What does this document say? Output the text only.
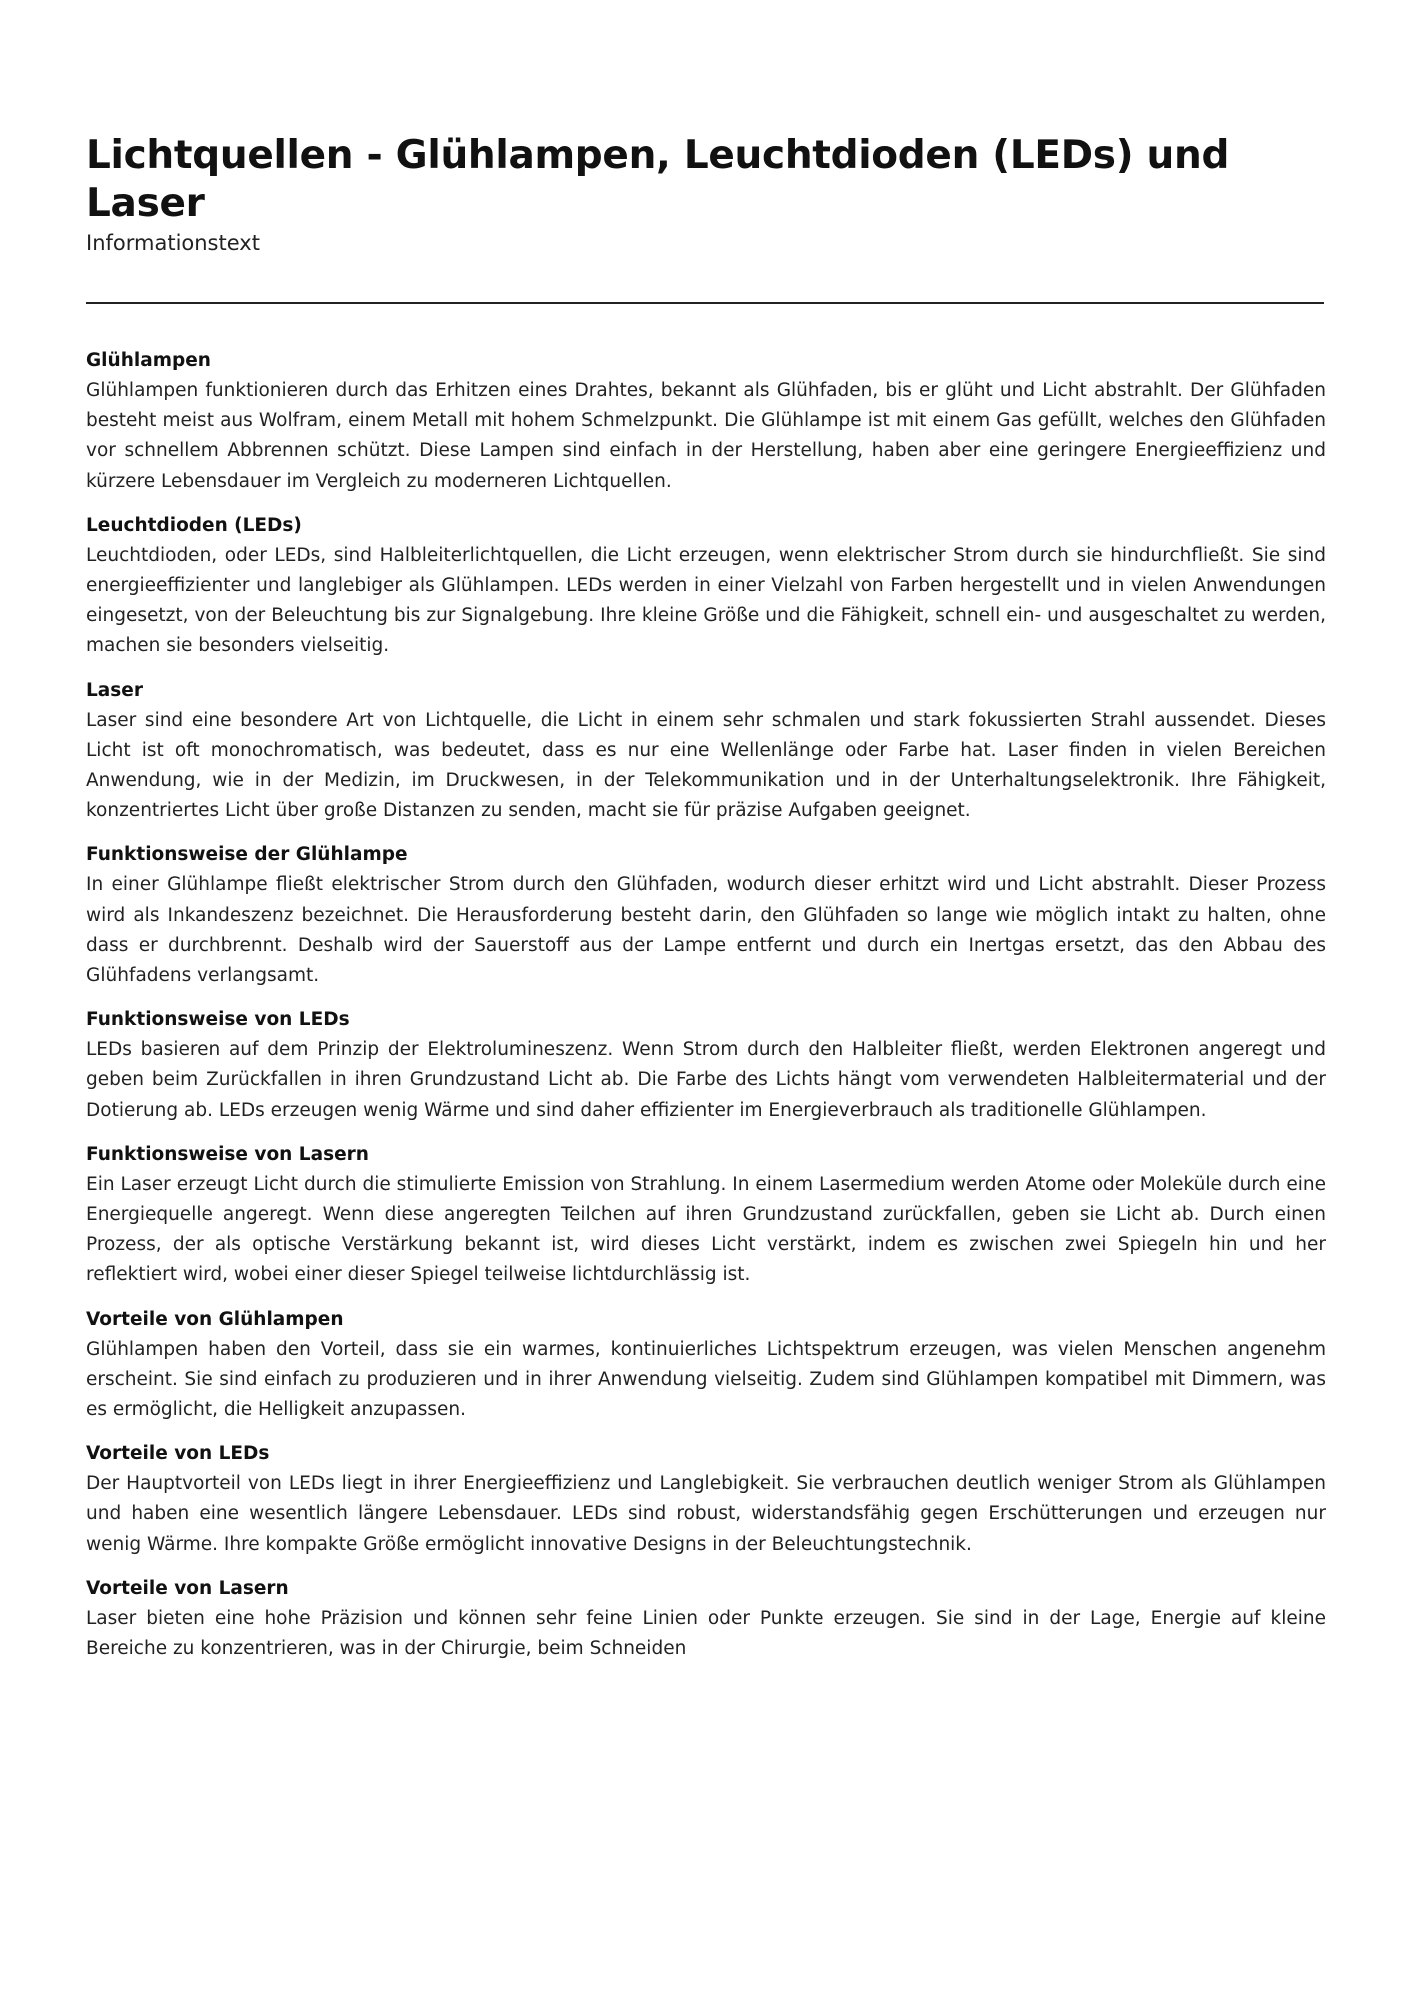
Lichtquellen - Glühlampen, Leuchtdioden (LEDs) und Laser

Informationstext

Glühlampen

Glühlampen funktionieren durch das Erhitzen eines Drahtes, bekannt als Glühfaden, bis er glüht und Licht abstrahlt. Der Glühfaden besteht meist aus Wolfram, einem Metall mit hohem Schmelzpunkt. Die Glühlampe ist mit einem Gas gefüllt, welches den Glühfaden vor schnellem Abbrennen schützt. Diese Lampen sind einfach in der Herstellung, haben aber eine geringere Energieeffizienz und kürzere Lebensdauer im Vergleich zu moderneren Lichtquellen.

Leuchtdioden (LEDs)

Leuchtdioden, oder LEDs, sind Halbleiterlichtquellen, die Licht erzeugen, wenn elektrischer Strom durch sie hindurchfließt. Sie sind energieeffizienter und langlebiger als Glühlampen. LEDs werden in einer Vielzahl von Farben hergestellt und in vielen Anwendungen eingesetzt, von der Beleuchtung bis zur Signalgebung. Ihre kleine Größe und die Fähigkeit, schnell ein- und ausgeschaltet zu werden, machen sie besonders vielseitig.

Laser

Laser sind eine besondere Art von Lichtquelle, die Licht in einem sehr schmalen und stark fokussierten Strahl aussendet. Dieses Licht ist oft monochromatisch, was bedeutet, dass es nur eine Wellenlänge oder Farbe hat. Laser finden in vielen Bereichen Anwendung, wie in der Medizin, im Druckwesen, in der Telekommunikation und in der Unterhaltungselektronik. Ihre Fähigkeit, konzentriertes Licht über große Distanzen zu senden, macht sie für präzise Aufgaben geeignet.

Funktionsweise der Glühlampe

In einer Glühlampe fließt elektrischer Strom durch den Glühfaden, wodurch dieser erhitzt wird und Licht abstrahlt. Dieser Prozess wird als Inkandeszenz bezeichnet. Die Herausforderung besteht darin, den Glühfaden so lange wie möglich intakt zu halten, ohne dass er durchbrennt. Deshalb wird der Sauerstoff aus der Lampe entfernt und durch ein Inertgas ersetzt, das den Abbau des Glühfadens verlangsamt.

Funktionsweise von LEDs

LEDs basieren auf dem Prinzip der Elektrolumineszenz. Wenn Strom durch den Halbleiter fließt, werden Elektronen angeregt und geben beim Zurückfallen in ihren Grundzustand Licht ab. Die Farbe des Lichts hängt vom verwendeten Halbleitermaterial und der Dotierung ab. LEDs erzeugen wenig Wärme und sind daher effizienter im Energieverbrauch als traditionelle Glühlampen.

Funktionsweise von Lasern

Ein Laser erzeugt Licht durch die stimulierte Emission von Strahlung. In einem Lasermedium werden Atome oder Moleküle durch eine Energiequelle angeregt. Wenn diese angeregten Teilchen auf ihren Grundzustand zurückfallen, geben sie Licht ab. Durch einen Prozess, der als optische Verstärkung bekannt ist, wird dieses Licht verstärkt, indem es zwischen zwei Spiegeln hin und her reflektiert wird, wobei einer dieser Spiegel teilweise lichtdurchlässig ist.

Vorteile von Glühlampen

Glühlampen haben den Vorteil, dass sie ein warmes, kontinuierliches Lichtspektrum erzeugen, was vielen Menschen angenehm erscheint. Sie sind einfach zu produzieren und in ihrer Anwendung vielseitig. Zudem sind Glühlampen kompatibel mit Dimmern, was es ermöglicht, die Helligkeit anzupassen.

Vorteile von LEDs

Der Hauptvorteil von LEDs liegt in ihrer Energieeffizienz und Langlebigkeit. Sie verbrauchen deutlich weniger Strom als Glühlampen und haben eine wesentlich längere Lebensdauer. LEDs sind robust, widerstandsfähig gegen Erschütterungen und erzeugen nur wenig Wärme. Ihre kompakte Größe ermöglicht innovative Designs in der Beleuchtungstechnik.

Vorteile von Lasern

Laser bieten eine hohe Präzision und können sehr feine Linien oder Punkte erzeugen. Sie sind in der Lage, Energie auf kleine Bereiche zu konzentrieren, was in der Chirurgie, beim Schneiden
